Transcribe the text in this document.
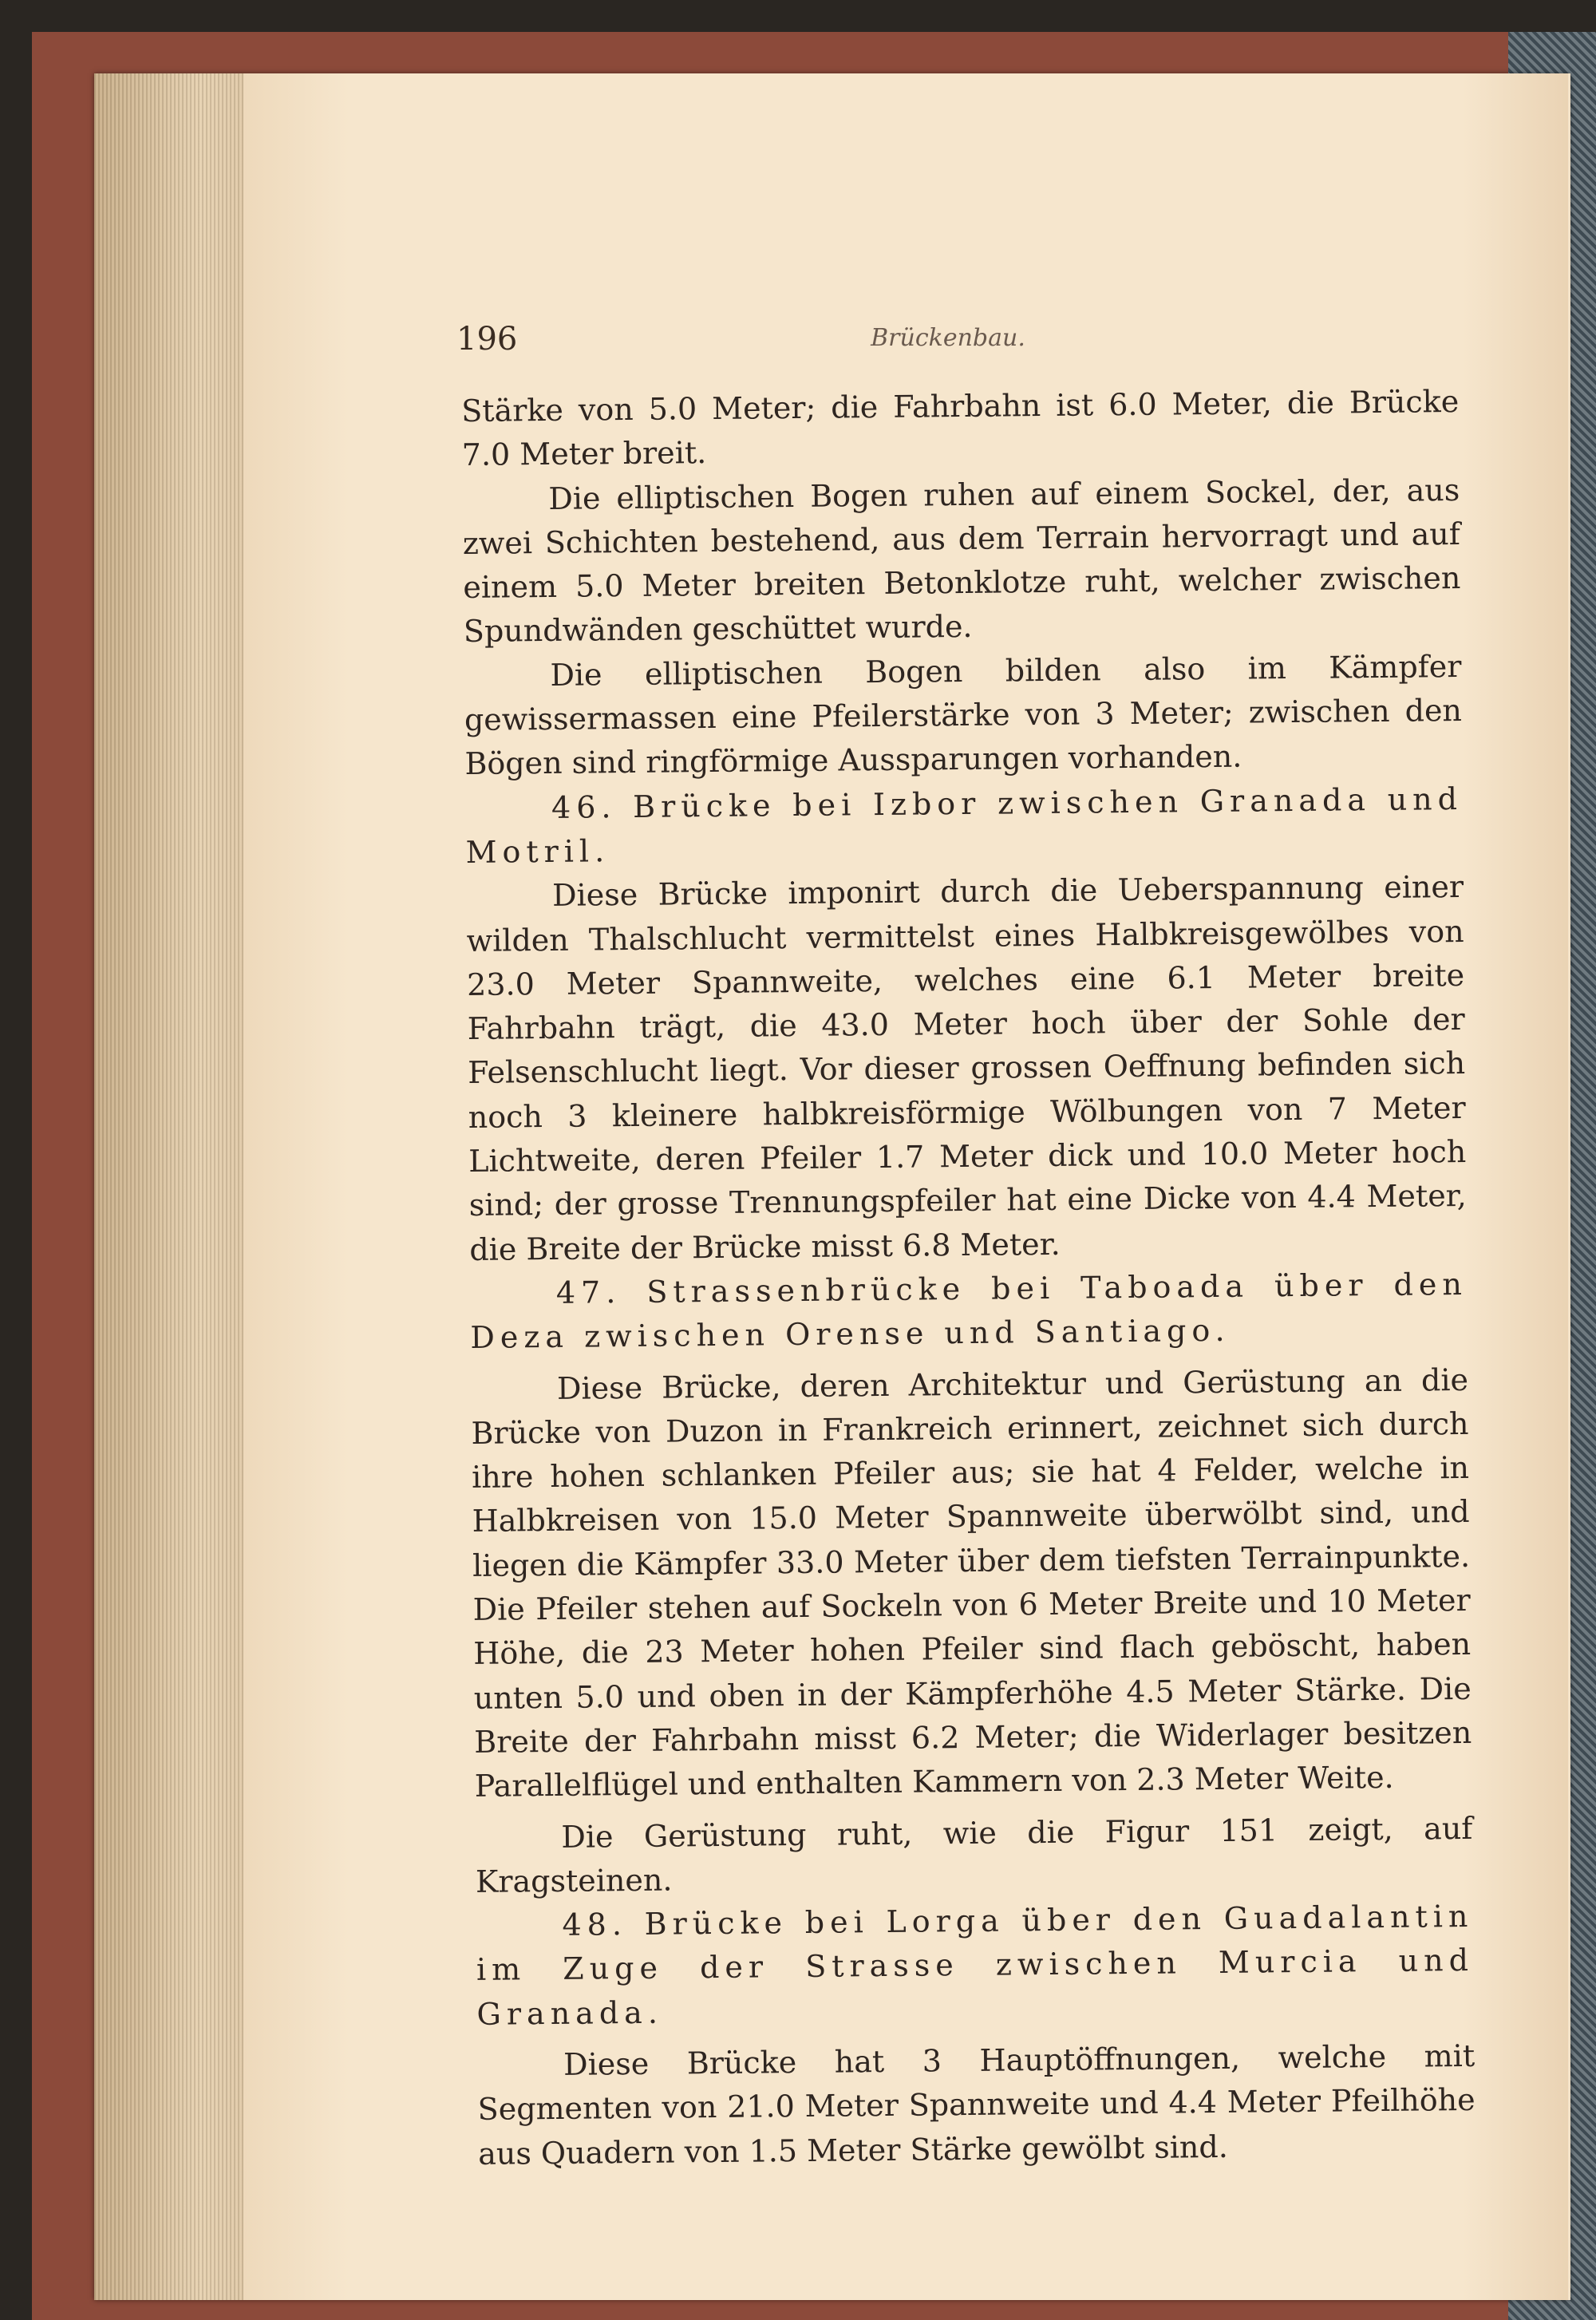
196	Brückenbau.

Stärke von 5.0 Meter; die Fahrbahn ist 6.0 Meter, die Brücke 7.0 Meter breit.

Die elliptischen Bogen ruhen auf einem Sockel, der, aus zwei Schichten bestehend, aus dem Terrain hervorragt und auf einem 5.0 Meter breiten Betonklotze ruht, welcher zwischen Spundwänden geschüttet wurde.

Die elliptischen Bogen bilden also im Kämpfer gewissermassen eine Pfeilerstärke von 3 Meter; zwischen den Bögen sind ringförmige Aussparungen vorhanden.

46. Brücke bei Izbor zwischen Granada und Motril.

Diese Brücke imponirt durch die Ueberspannung einer wilden Thalschlucht vermittelst eines Halbkreisgewölbes von 23.0 Meter Spannweite, welches eine 6.1 Meter breite Fahrbahn trägt, die 43.0 Meter hoch über der Sohle der Felsenschlucht liegt. Vor dieser grossen Oeffnung befinden sich noch 3 kleinere halbkreisförmige Wölbungen von 7 Meter Lichtweite, deren Pfeiler 1.7 Meter dick und 10.0 Meter hoch sind; der grosse Trennungspfeiler hat eine Dicke von 4.4 Meter, die Breite der Brücke misst 6.8 Meter.

47. Strassenbrücke bei Taboada über den Deza zwischen Orense und Santiago.

Diese Brücke, deren Architektur und Gerüstung an die Brücke von Duzon in Frankreich erinnert, zeichnet sich durch ihre hohen schlanken Pfeiler aus; sie hat 4 Felder, welche in Halbkreisen von 15.0 Meter Spannweite überwölbt sind, und liegen die Kämpfer 33.0 Meter über dem tiefsten Terrainpunkte. Die Pfeiler stehen auf Sockeln von 6 Meter Breite und 10 Meter Höhe, die 23 Meter hohen Pfeiler sind flach geböscht, haben unten 5.0 und oben in der Kämpferhöhe 4.5 Meter Stärke. Die Breite der Fahrbahn misst 6.2 Meter; die Widerlager besitzen Parallelflügel und enthalten Kammern von 2.3 Meter Weite.

Die Gerüstung ruht, wie die Figur 151 zeigt, auf Kragsteinen.

48. Brücke bei Lorga über den Guadalantin im Zuge der Strasse zwischen Murcia und Granada.

Diese Brücke hat 3 Hauptöffnungen, welche mit Segmenten von 21.0 Meter Spannweite und 4.4 Meter Pfeilhöhe aus Quadern von 1.5 Meter Stärke gewölbt sind.
